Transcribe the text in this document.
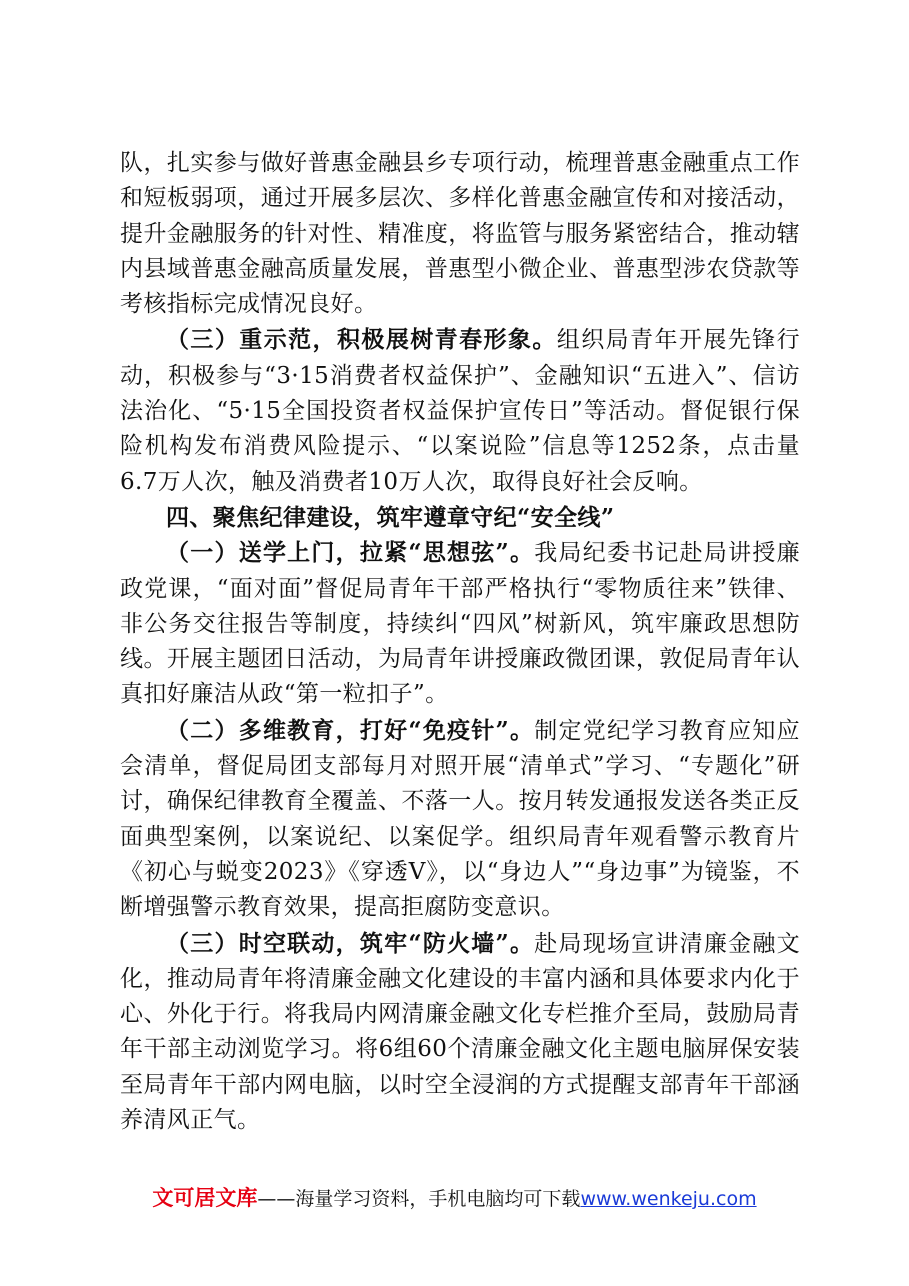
队，扎实参与做好普惠金融县乡专项行动，梳理普惠金融重点工作和短板弱项，通过开展多层次、多样化普惠金融宣传和对接活动，提升金融服务的针对性、精准度，将监管与服务紧密结合，推动辖内县域普惠金融高质量发展，普惠型小微企业、普惠型涉农贷款等考核指标完成情况良好。

（三）重示范，积极展树青春形象。组织局青年开展先锋行动，积极参与“3·15消费者权益保护”、金融知识“五进入”、信访法治化、“5·15全国投资者权益保护宣传日”等活动。督促银行保险机构发布消费风险提示、“以案说险”信息等1252条，点击量6.7万人次，触及消费者10万人次，取得良好社会反响。

四、聚焦纪律建设，筑牢遵章守纪“安全线”

（一）送学上门，拉紧“思想弦”。我局纪委书记赴局讲授廉政党课，“面对面”督促局青年干部严格执行“零物质往来”铁律、非公务交往报告等制度，持续纠“四风”树新风，筑牢廉政思想防线。开展主题团日活动，为局青年讲授廉政微团课，敦促局青年认真扣好廉洁从政“第一粒扣子”。

（二）多维教育，打好“免疫针”。制定党纪学习教育应知应会清单，督促局团支部每月对照开展“清单式”学习、“专题化”研讨，确保纪律教育全覆盖、不落一人。按月转发通报发送各类正反面典型案例，以案说纪、以案促学。组织局青年观看警示教育片《初心与蜕变2023》《穿透Ⅴ》，以“身边人”“身边事”为镜鉴，不断增强警示教育效果，提高拒腐防变意识。

（三）时空联动，筑牢“防火墙”。赴局现场宣讲清廉金融文化，推动局青年将清廉金融文化建设的丰富内涵和具体要求内化于心、外化于行。将我局内网清廉金融文化专栏推介至局，鼓励局青年干部主动浏览学习。将6组60个清廉金融文化主题电脑屏保安装至局青年干部内网电脑，以时空全浸润的方式提醒支部青年干部涵养清风正气。

文可居文库——海量学习资料，手机电脑均可下载www.wenkeju.com
